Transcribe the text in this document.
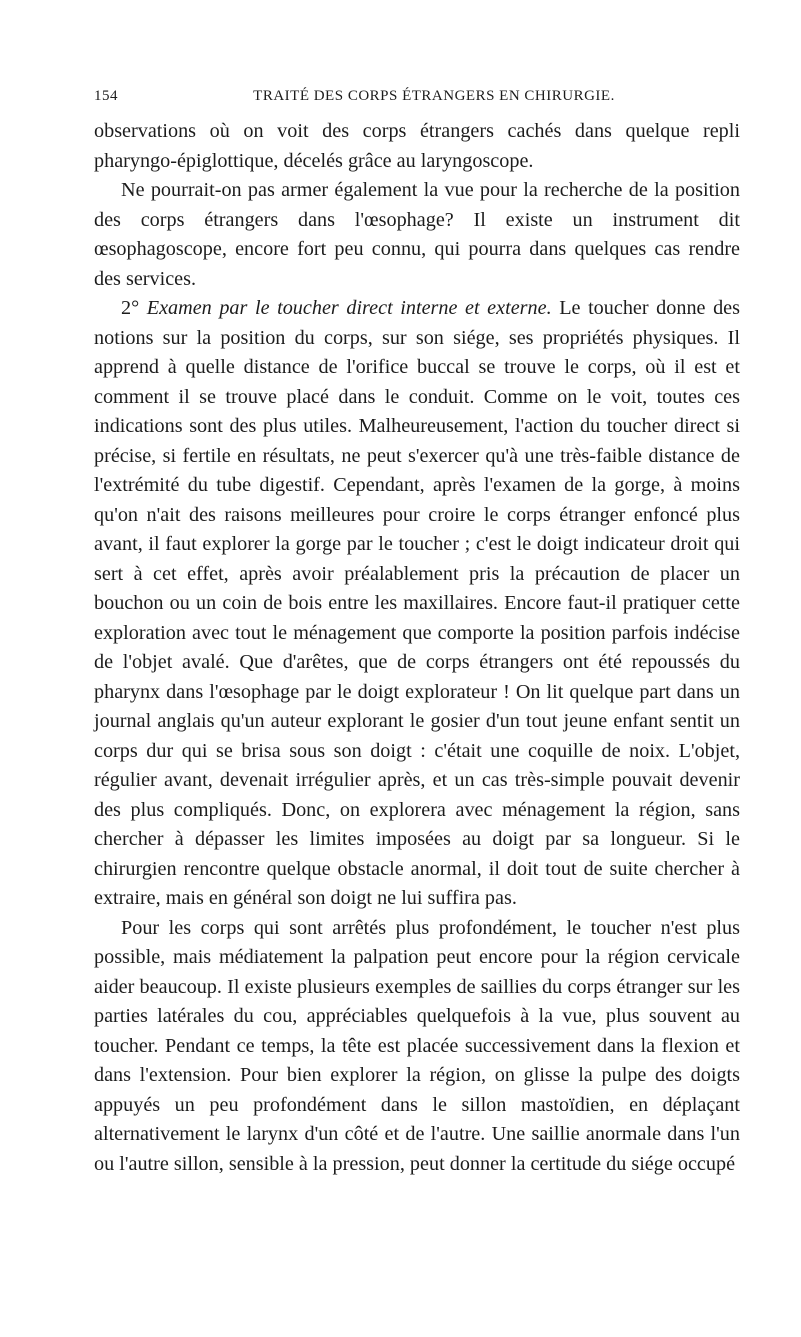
154	TRAITÉ DES CORPS ÉTRANGERS EN CHIRURGIE.

observations où on voit des corps étrangers cachés dans quelque repli pharyngo-épiglottique, décelés grâce au laryngoscope.

Ne pourrait-on pas armer également la vue pour la recherche de la position des corps étrangers dans l'œsophage? Il existe un instrument dit œsophagoscope, encore fort peu connu, qui pourra dans quelques cas rendre des services.

2° Examen par le toucher direct interne et externe. Le toucher donne des notions sur la position du corps, sur son siége, ses propriétés physiques. Il apprend à quelle distance de l'orifice buccal se trouve le corps, où il est et comment il se trouve placé dans le conduit. Comme on le voit, toutes ces indications sont des plus utiles. Malheureusement, l'action du toucher direct si précise, si fertile en résultats, ne peut s'exercer qu'à une très-faible distance de l'extrémité du tube digestif. Cependant, après l'examen de la gorge, à moins qu'on n'ait des raisons meilleures pour croire le corps étranger enfoncé plus avant, il faut explorer la gorge par le toucher ; c'est le doigt indicateur droit qui sert à cet effet, après avoir préalablement pris la précaution de placer un bouchon ou un coin de bois entre les maxillaires. Encore faut-il pratiquer cette exploration avec tout le ménagement que comporte la position parfois indécise de l'objet avalé. Que d'arêtes, que de corps étrangers ont été repoussés du pharynx dans l'œsophage par le doigt explorateur ! On lit quelque part dans un journal anglais qu'un auteur explorant le gosier d'un tout jeune enfant sentit un corps dur qui se brisa sous son doigt : c'était une coquille de noix. L'objet, régulier avant, devenait irrégulier après, et un cas très-simple pouvait devenir des plus compliqués. Donc, on explorera avec ménagement la région, sans chercher à dépasser les limites imposées au doigt par sa longueur. Si le chirurgien rencontre quelque obstacle anormal, il doit tout de suite chercher à extraire, mais en général son doigt ne lui suffira pas.

Pour les corps qui sont arrêtés plus profondément, le toucher n'est plus possible, mais médiatement la palpation peut encore pour la région cervicale aider beaucoup. Il existe plusieurs exemples de saillies du corps étranger sur les parties latérales du cou, appréciables quelquefois à la vue, plus souvent au toucher. Pendant ce temps, la tête est placée successivement dans la flexion et dans l'extension. Pour bien explorer la région, on glisse la pulpe des doigts appuyés un peu profondément dans le sillon mastoïdien, en déplaçant alternativement le larynx d'un côté et de l'autre. Une saillie anormale dans l'un ou l'autre sillon, sensible à la pression, peut donner la certitude du siége occupé
